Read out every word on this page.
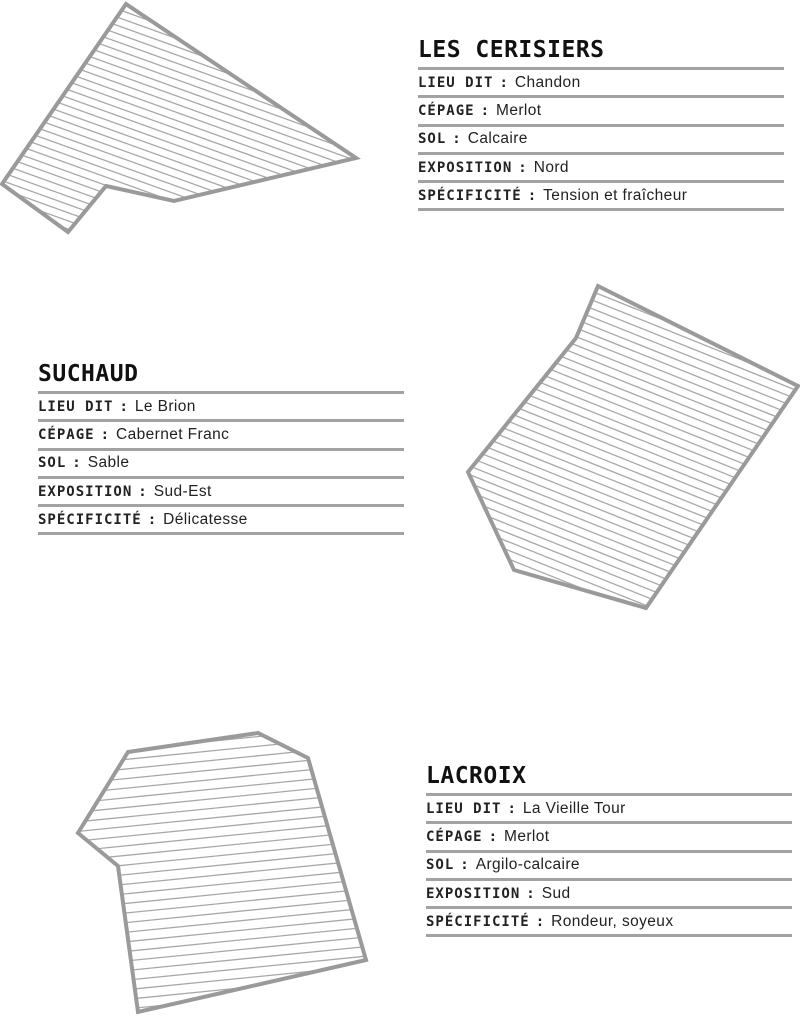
LES CERISIERS
LIEU DIT : Chandon
CÉPAGE : Merlot
SOL : Calcaire
EXPOSITION : Nord
SPÉCIFICITÉ : Tension et fraîcheur
SUCHAUD
LIEU DIT : Le Brion
CÉPAGE : Cabernet Franc
SOL : Sable
EXPOSITION : Sud-Est
SPÉCIFICITÉ : Délicatesse
LACROIX
LIEU DIT : La Vieille Tour
CÉPAGE : Merlot
SOL : Argilo-calcaire
EXPOSITION : Sud
SPÉCIFICITÉ : Rondeur, soyeux
